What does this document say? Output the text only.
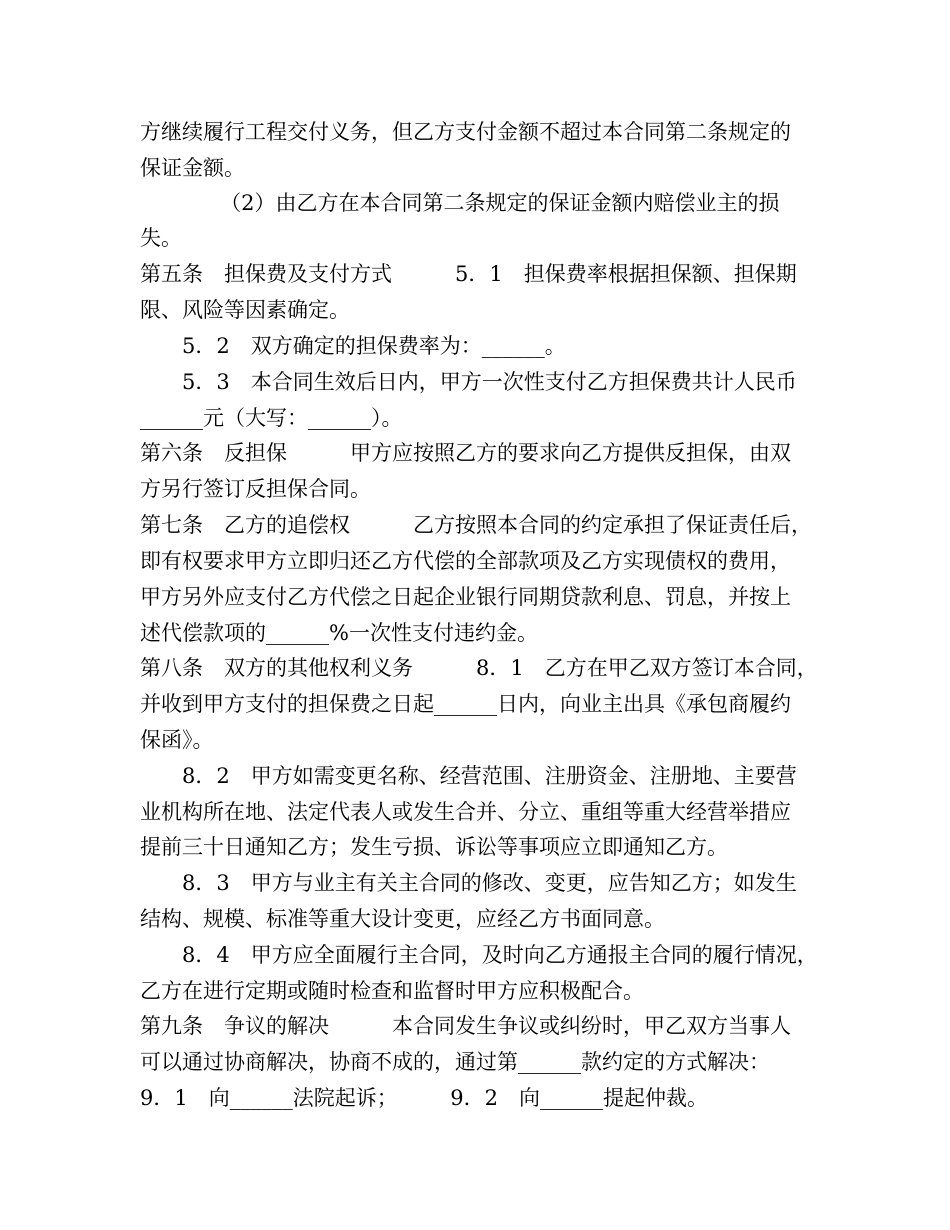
方继续履行工程交付义务，但乙方支付金额不超过本合同第二条规定的
保证金额。
（2）由乙方在本合同第二条规定的保证金额内赔偿业主的损
失。
第五条　担保费及支付方式　　　5．1　担保费率根据担保额、担保期
限、风险等因素确定。
　　5．2　双方确定的担保费率为：______。
　　5．3　本合同生效后日内，甲方一次性支付乙方担保费共计人民币
______元（大写：______）。
第六条　反担保　　　甲方应按照乙方的要求向乙方提供反担保，由双
方另行签订反担保合同。
第七条　乙方的追偿权　　　乙方按照本合同的约定承担了保证责任后，
即有权要求甲方立即归还乙方代偿的全部款项及乙方实现债权的费用，
甲方另外应支付乙方代偿之日起企业银行同期贷款利息、罚息，并按上
述代偿款项的______%一次性支付违约金。
第八条　双方的其他权利义务　　　8．1　乙方在甲乙双方签订本合同，
并收到甲方支付的担保费之日起______日内，向业主出具《承包商履约
保函》。
　　8．2　甲方如需变更名称、经营范围、注册资金、注册地、主要营
业机构所在地、法定代表人或发生合并、分立、重组等重大经营举措应
提前三十日通知乙方；发生亏损、诉讼等事项应立即通知乙方。
　　8．3　甲方与业主有关主合同的修改、变更，应告知乙方；如发生
结构、规模、标准等重大设计变更，应经乙方书面同意。
　　8．4　甲方应全面履行主合同，及时向乙方通报主合同的履行情况，
乙方在进行定期或随时检查和监督时甲方应积极配合。
第九条　争议的解决　　　本合同发生争议或纠纷时，甲乙双方当事人
可以通过协商解决，协商不成的，通过第______款约定的方式解决：
9．1　向______法院起诉；　　　9．2　向______提起仲裁。
